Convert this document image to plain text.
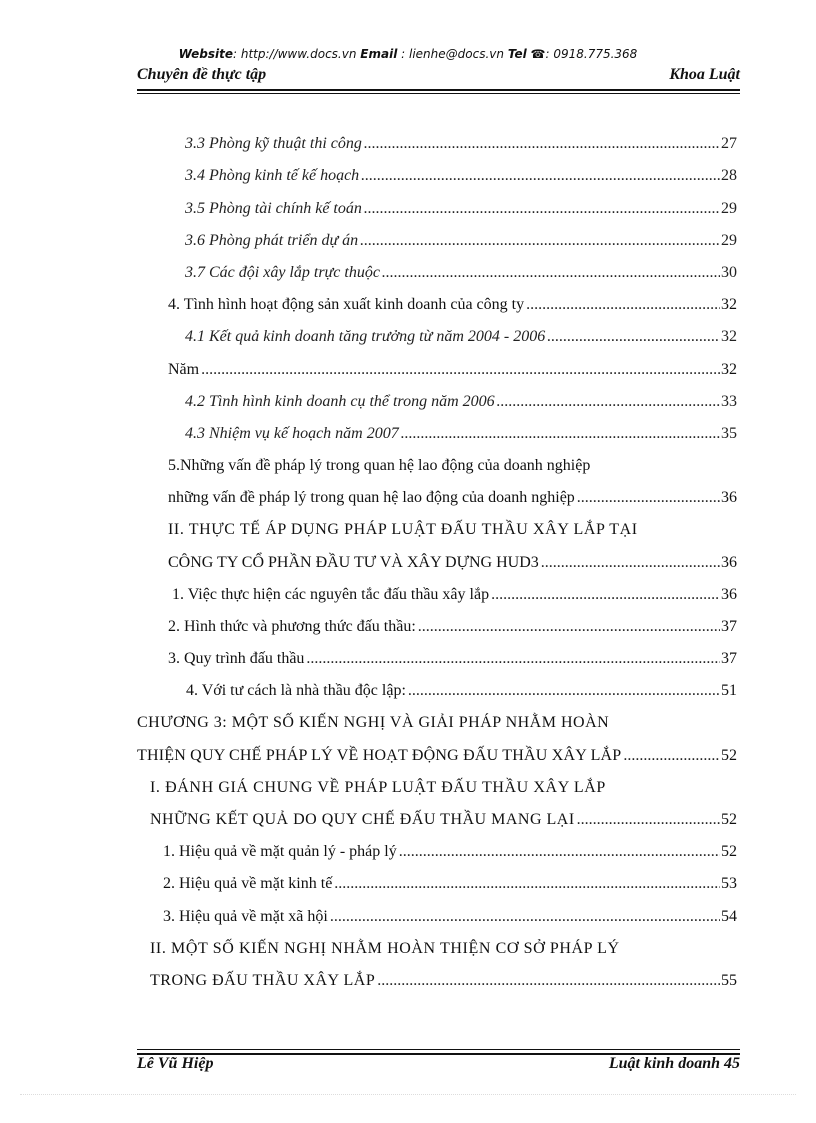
Website: http://www.docs.vn Email : lienhe@docs.vn Tel ☎: 0918.775.368
Chuyên đề thực tập	Khoa Luật
3.3 Phòng kỹ thuật thi công .....	27
3.4 Phòng kinh tế kế hoạch .....	28
3.5 Phòng tài chính kế toán .....	29
3.6 Phòng phát triển dự án .....	29
3.7 Các đội xây lắp trực thuộc .....	30
4. Tình hình hoạt động sản xuất kinh doanh của công ty .....	32
4.1 Kết quả kinh doanh tăng trưởng từ năm 2004 - 2006 .....	32
Năm .....	32
4.2 Tình hình kinh doanh cụ thể trong năm 2006 .....	33
4.3 Nhiệm vụ kế hoạch năm 2007 .....	35
5.Những vấn đề pháp lý trong quan hệ lao động của doanh nghiệp
những vấn đề pháp lý trong quan hệ lao động của doanh nghiệp .....	36
II. THỰC TẾ ÁP DỤNG PHÁP LUẬT ĐẤU THẦU XÂY LẮP TẠI
CÔNG TY CỔ PHẦN ĐẦU TƯ VÀ XÂY DỰNG HUD3 .....	36
1. Việc thực hiện các nguyên tắc đấu thầu xây lắp .....	36
2. Hình thức và phương thức đấu thầu: .....	37
3. Quy trình đấu thầu .....	37
4. Với tư cách là nhà thầu độc lập: .....	51
CHƯƠNG 3: MỘT SỐ KIẾN NGHỊ VÀ GIẢI PHÁP NHẰM HOÀN
THIỆN QUY CHẾ PHÁP LÝ VỀ HOẠT ĐỘNG ĐẤU THẦU XÂY LẮP .....	52
I. ĐÁNH GIÁ CHUNG VỀ PHÁP LUẬT ĐẤU THẦU XÂY LẮP
NHỮNG KẾT QUẢ DO QUY CHẾ ĐẤU THẦU MANG LẠI .....	52
1. Hiệu quả về mặt quản lý - pháp lý .....	52
2. Hiệu quả về mặt kinh tế .....	53
3. Hiệu quả về mặt xã hội .....	54
II. MỘT SỐ KIẾN NGHỊ NHẰM HOÀN THIỆN CƠ SỞ PHÁP LÝ
TRONG ĐẤU THẦU XÂY LẮP .....	55
Lê Vũ Hiệp	Luật kinh doanh 45
